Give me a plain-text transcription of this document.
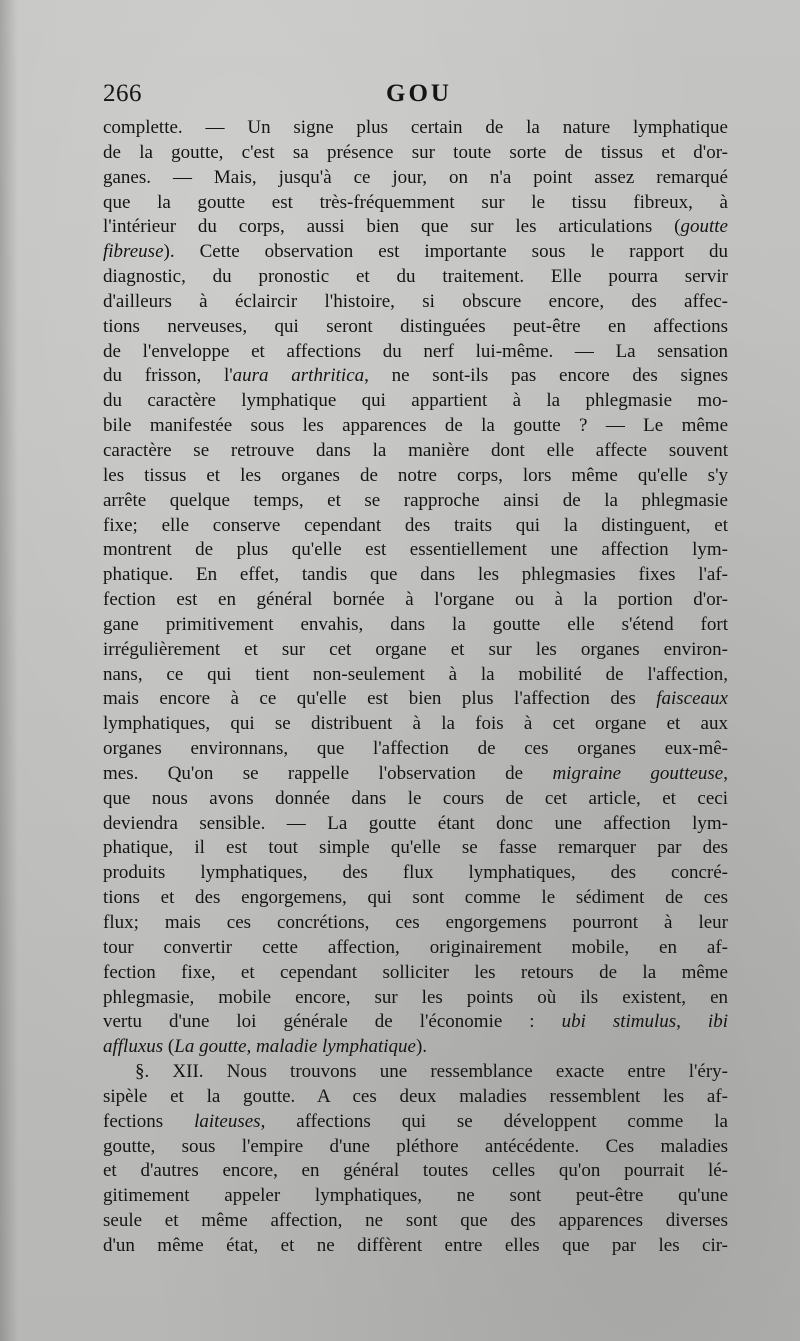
266	GOU
complette. — Un signe plus certain de la nature lymphatique
de la goutte, c'est sa présence sur toute sorte de tissus et d'or-
ganes. — Mais, jusqu'à ce jour, on n'a point assez remarqué
que la goutte est très-fréquemment sur le tissu fibreux, à
l'intérieur du corps, aussi bien que sur les articulations (goutte
fibreuse). Cette observation est importante sous le rapport du
diagnostic, du pronostic et du traitement. Elle pourra servir
d'ailleurs à éclaircir l'histoire, si obscure encore, des affec-
tions nerveuses, qui seront distinguées peut-être en affections
de l'enveloppe et affections du nerf lui-même. — La sensation
du frisson, l'aura arthritica, ne sont-ils pas encore des signes
du caractère lymphatique qui appartient à la phlegmasie mo-
bile manifestée sous les apparences de la goutte ? — Le même
caractère se retrouve dans la manière dont elle affecte souvent
les tissus et les organes de notre corps, lors même qu'elle s'y
arrête quelque temps, et se rapproche ainsi de la phlegmasie
fixe; elle conserve cependant des traits qui la distinguent, et
montrent de plus qu'elle est essentiellement une affection lym-
phatique. En effet, tandis que dans les phlegmasies fixes l'af-
fection est en général bornée à l'organe ou à la portion d'or-
gane primitivement envahis, dans la goutte elle s'étend fort
irrégulièrement et sur cet organe et sur les organes environ-
nans, ce qui tient non-seulement à la mobilité de l'affection,
mais encore à ce qu'elle est bien plus l'affection des faisceaux
lymphatiques, qui se distribuent à la fois à cet organe et aux
organes environnans, que l'affection de ces organes eux-mê-
mes. Qu'on se rappelle l'observation de migraine goutteuse,
que nous avons donnée dans le cours de cet article, et ceci
deviendra sensible. — La goutte étant donc une affection lym-
phatique, il est tout simple qu'elle se fasse remarquer par des
produits lymphatiques, des flux lymphatiques, des concré-
tions et des engorgemens, qui sont comme le sédiment de ces
flux; mais ces concrétions, ces engorgemens pourront à leur
tour convertir cette affection, originairement mobile, en af-
fection fixe, et cependant solliciter les retours de la même
phlegmasie, mobile encore, sur les points où ils existent, en
vertu d'une loi générale de l'économie : ubi stimulus, ibi
affluxus (La goutte, maladie lymphatique).
§. XII. Nous trouvons une ressemblance exacte entre l'éry-
sipèle et la goutte. A ces deux maladies ressemblent les af-
fections laiteuses, affections qui se développent comme la
goutte, sous l'empire d'une pléthore antécédente. Ces maladies
et d'autres encore, en général toutes celles qu'on pourrait lé-
gitimement appeler lymphatiques, ne sont peut-être qu'une
seule et même affection, ne sont que des apparences diverses
d'un même état, et ne diffèrent entre elles que par les cir-
